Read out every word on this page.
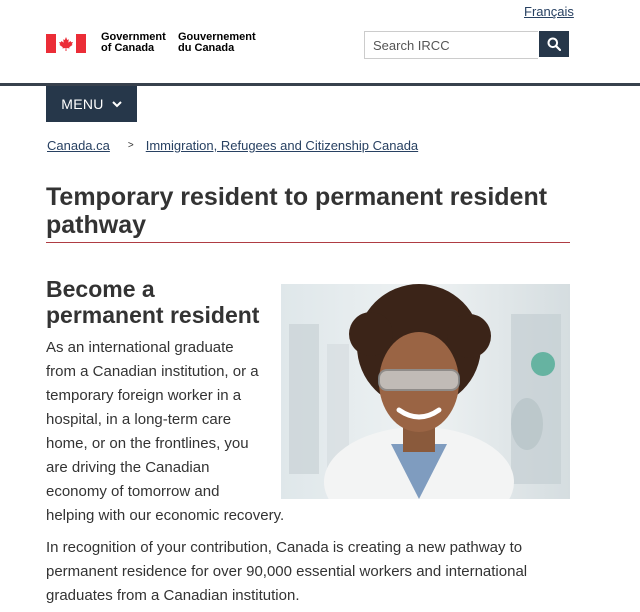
Français
Government
of Canada
Gouvernement
du Canada
Search IRCC
MENU
Canada.ca > Immigration, Refugees and Citizenship Canada
Temporary resident to permanent resident pathway
Become a permanent resident

As an international graduate
from a Canadian institution, or a
temporary foreign worker in a
hospital, in a long-term care
home, or on the frontlines, you
are driving the Canadian
economy of tomorrow and
helping with our economic recovery.

In recognition of your contribution, Canada is creating a new pathway to permanent residence for over 90,000 essential workers and international graduates from a Canadian institution.
